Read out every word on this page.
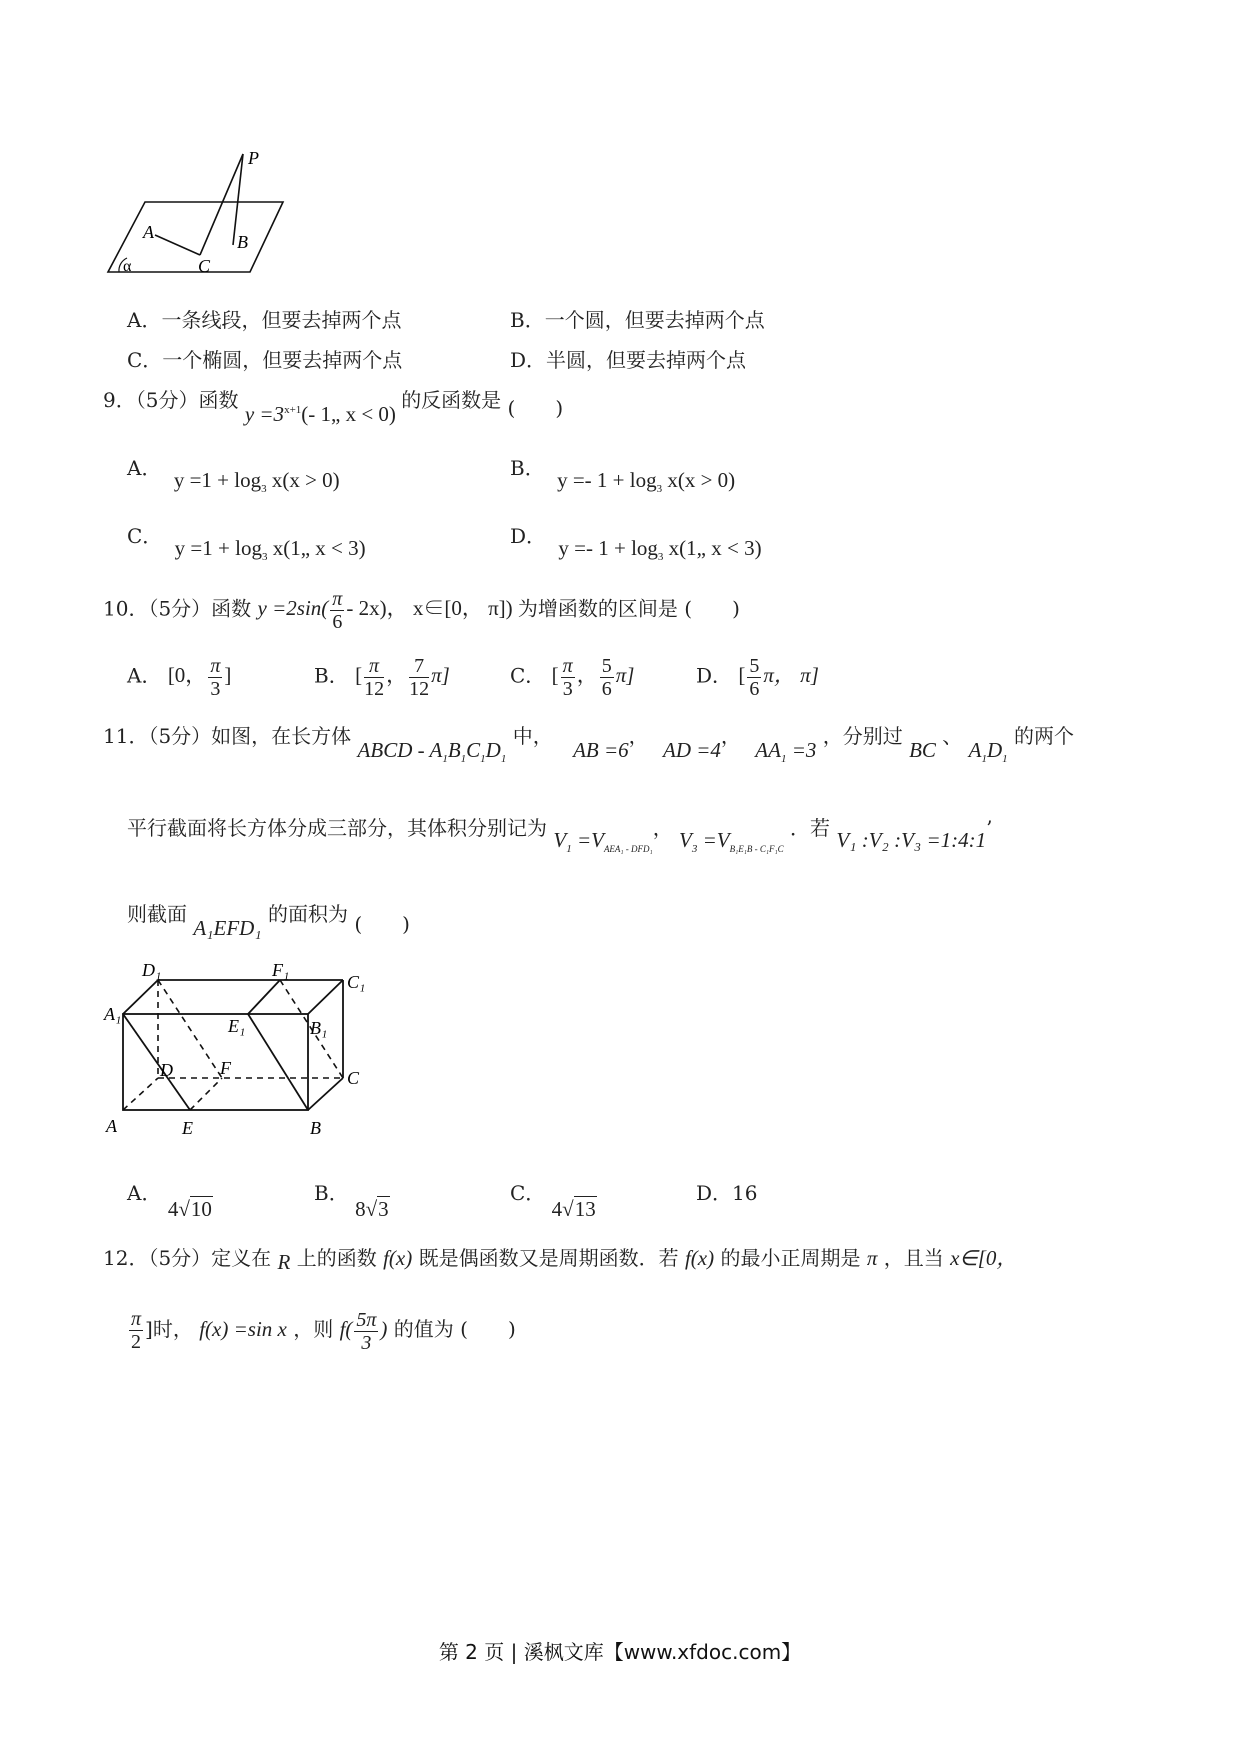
P
A	B
C
α
A．一条线段，但要去掉两个点	B．一个圆，但要去掉两个点
C．一个椭圆，但要去掉两个点	D．半圆，但要去掉两个点
9．（5分）函数 $y =3^{x+1}(-$ 1„ x < 0) 的反函数是 (　　)
A． $y =1 + \log_3 x(x > 0)$	B． $y =- 1 + \log_3 x(x > 0)$
C． $y =1 + \log_3$ x(1„ x < 3)	D． $y =- 1 + \log_3$ x(1„ x < 3)
10．（5分）函数 $y =2\sin( \frac{\pi}{6} - 2x)$， x∈[0， π]) 为增函数的区间是 (　　)
A． [0， $\frac{\pi}{3}$ ]	B． [ $\frac{\pi}{12}$ ， $\frac{7}{12} \pi$]	C． [ $\frac{\pi}{3}$ ， $\frac{5}{6} \pi$]	D． [ $\frac{5}{6}$ π， π]
11．（5分）如图，在长方体 ABCD - $A_1B_1C_1D_1$ 中， AB =6， AD =4， $AA_1 =3$ ，分别过 BC 、 $A_1D_1$ 的两个
平行截面将长方体分成三部分，其体积分别记为 $V_1 =V_{AEA_1 - DFD_1}$， $V_3 =V_{B_1E_1B - C_1F_1C}$ ．若 V₁ :V₂ :V₃ =1:4:1’
则截面 A₁EFD₁ 的面积为 (　　)
D₁	F₁
C₁
A₁
E₁	B₁
D	F	C
A	E	B
A． 4√10
B． 8√3
C． 4√13
D．16
12．（5分）定义在 R 上的函数 f(x) 既是偶函数又是周期函数．若 f(x) 的最小正周期是 π ，且当 x∈[0，
$\frac{\pi}{2}$ ]时， f(x) =sin x ，则 $f( \frac{5\pi}{3}$ ) 的值为 (　　)
第 2 页 | 溪枫文库【www.xfdoc.com】
